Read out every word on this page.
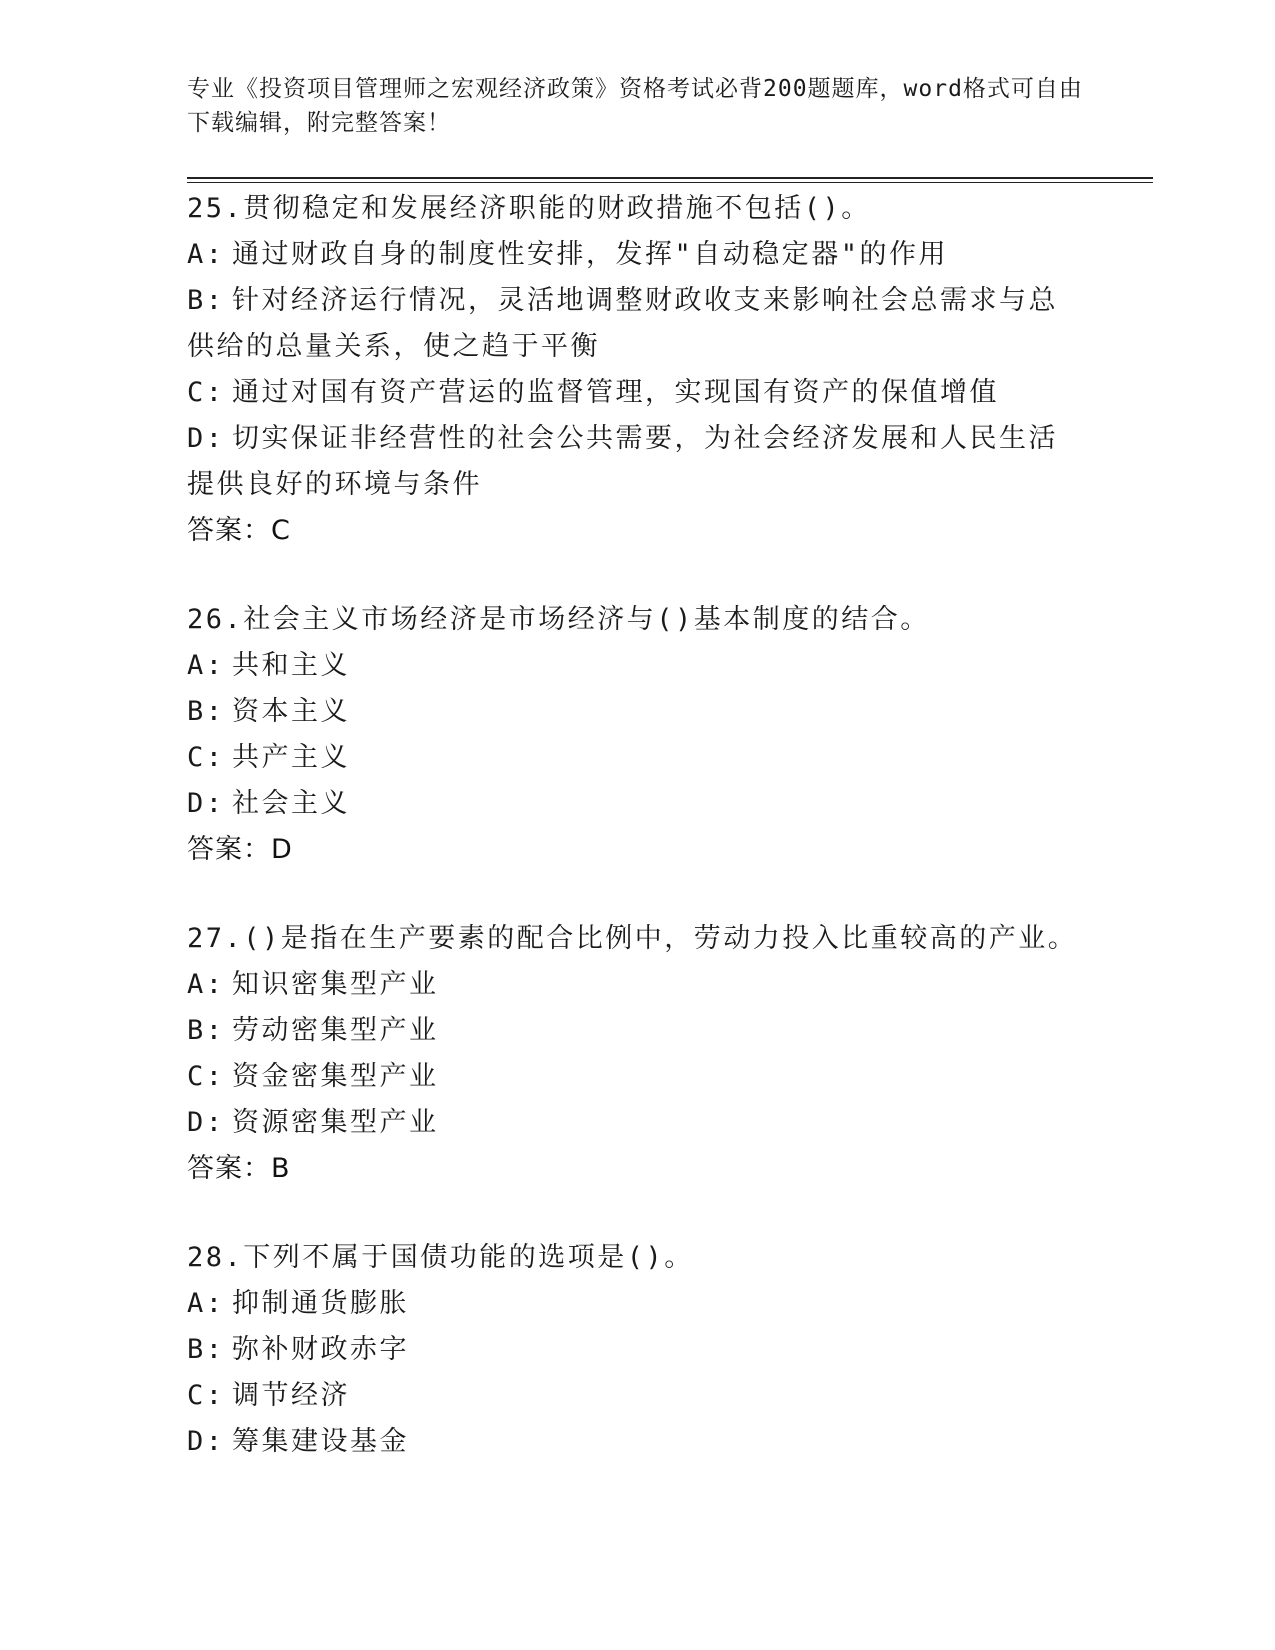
专业《投资项目管理师之宏观经济政策》资格考试必背200题题库，word格式可自由下载编辑，附完整答案！
25.贯彻稳定和发展经济职能的财政措施不包括()。
A: 通过财政自身的制度性安排，发挥"自动稳定器"的作用
B: 针对经济运行情况，灵活地调整财政收支来影响社会总需求与总供给的总量关系，使之趋于平衡
C: 通过对国有资产营运的监督管理，实现国有资产的保值增值
D: 切实保证非经营性的社会公共需要，为社会经济发展和人民生活提供良好的环境与条件
答案：C
26.社会主义市场经济是市场经济与()基本制度的结合。
A: 共和主义
B: 资本主义
C: 共产主义
D: 社会主义
答案：D
27.()是指在生产要素的配合比例中，劳动力投入比重较高的产业。
A: 知识密集型产业
B: 劳动密集型产业
C: 资金密集型产业
D: 资源密集型产业
答案：B
28.下列不属于国债功能的选项是()。
A: 抑制通货膨胀
B: 弥补财政赤字
C: 调节经济
D: 筹集建设基金
